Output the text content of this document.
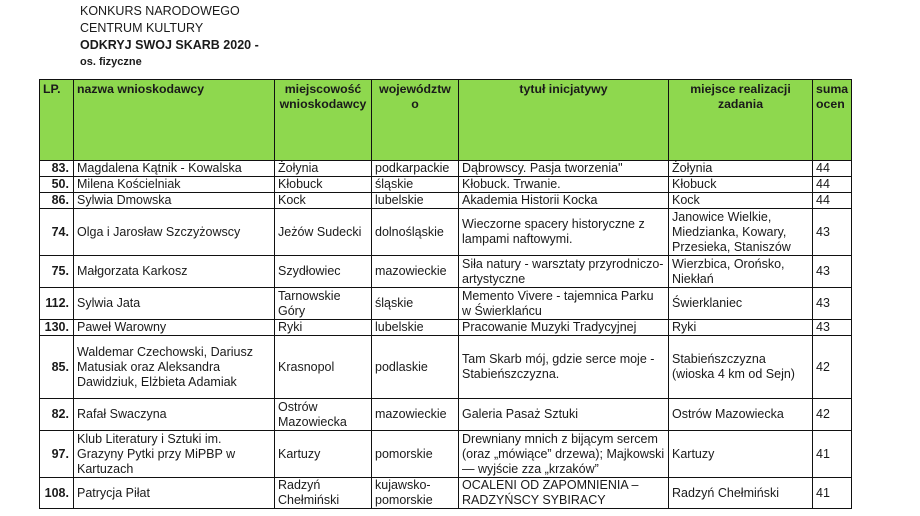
KONKURS NARODOWEGO
CENTRUM KULTURY
ODKRYJ SWOJ SKARB 2020 -
os. fizyczne
LP.	nazwa wnioskodawcy	miejscowość wnioskodawcy	województw o	tytuł inicjatywy	miejsce realizacji zadania	suma ocen
83.	Magdalena Kątnik - Kowalska	Żołynia	podkarpackie	Dąbrowscy. Pasja tworzenia"	Żołynia	44
50.	Milena Kościelniak	Kłobuck	śląskie	Kłobuck. Trwanie.	Kłobuck	44
86.	Sylwia Dmowska	Kock	lubelskie	Akademia Historii Kocka	Kock	44
74.	Olga i Jarosław Szczyżowscy	Jeżów Sudecki	dolnośląskie	Wieczorne spacery historyczne z lampami naftowymi.	Janowice Wielkie, Miedzianka, Kowary, Przesieka, Staniszów	43
75.	Małgorzata Karkosz	Szydłowiec	mazowieckie	Siła natury - warsztaty przyrodniczo-artystyczne	Wierzbica, Orońsko, Niekłań	43
112.	Sylwia Jata	Tarnowskie Góry	śląskie	Memento Vivere - tajemnica Parku w Świerklańcu	Świerklaniec	43
130.	Paweł Warowny	Ryki	lubelskie	Pracowanie Muzyki Tradycyjnej	Ryki	43
85.	Waldemar Czechowski, Dariusz Matusiak oraz Aleksandra Dawidziuk, Elżbieta Adamiak	Krasnopol	podlaskie	Tam Skarb mój, gdzie serce moje - Stabieńszczyzna.	Stabieńszczyzna (wioska 4 km od Sejn)	42
82.	Rafał Swaczyna	Ostrów Mazowiecka	mazowieckie	Galeria Pasaż Sztuki	Ostrów Mazowiecka	42
97.	Klub Literatury i Sztuki im. Grazyny Pytki przy MiPBP w Kartuzach	Kartuzy	pomorskie	Drewniany mnich z bijącym sercem (oraz „mówiące” drzewa); Majkowski — wyjście zza „krzaków”	Kartuzy	41
108.	Patrycja Piłat	Radzyń Chełmiński	kujawsko-pomorskie	OCALENI OD ZAPOMNIENIA – RADZYŃSCY SYBIRACY	Radzyń Chełmiński	41
